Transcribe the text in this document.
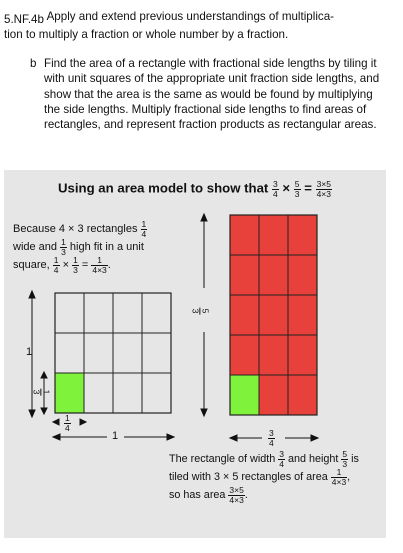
5.NF.4b Apply and extend previous understandings of multiplica-
tion to multiply a fraction or whole number by a fraction.
b Find the area of a rectangle with fractional side lengths by tiling it with unit squares of the appropriate unit fraction side lengths, and show that the area is the same as would be found by multiplying the side lengths. Multiply fractional side lengths to find areas of rectangles, and represent fraction products as rectangular areas.
Using an area model to show that $\frac{3}{4} \times \frac{5}{3} = \frac{3\times 5}{4\times 3}$
Because 4 × 3 rectangles $\frac{1}{4}$

wide and $\frac{1}{3}$ high fit in a unit
square, $\frac{1}{4} \times \frac{1}{3} = \frac{1}{4\times 3}$ .
1
1
3
$\frac{1}{4}$
1
5
3
$\frac{3}{4}$
The rectangle of width $\frac{3}{4}$ and height $\frac{5}{3}$ is
tiled with 3 × 5 rectangles of area $\frac{1}{4\times 3}$ ,
so has area $\frac{3\times 5}{4\times 3}$ .
